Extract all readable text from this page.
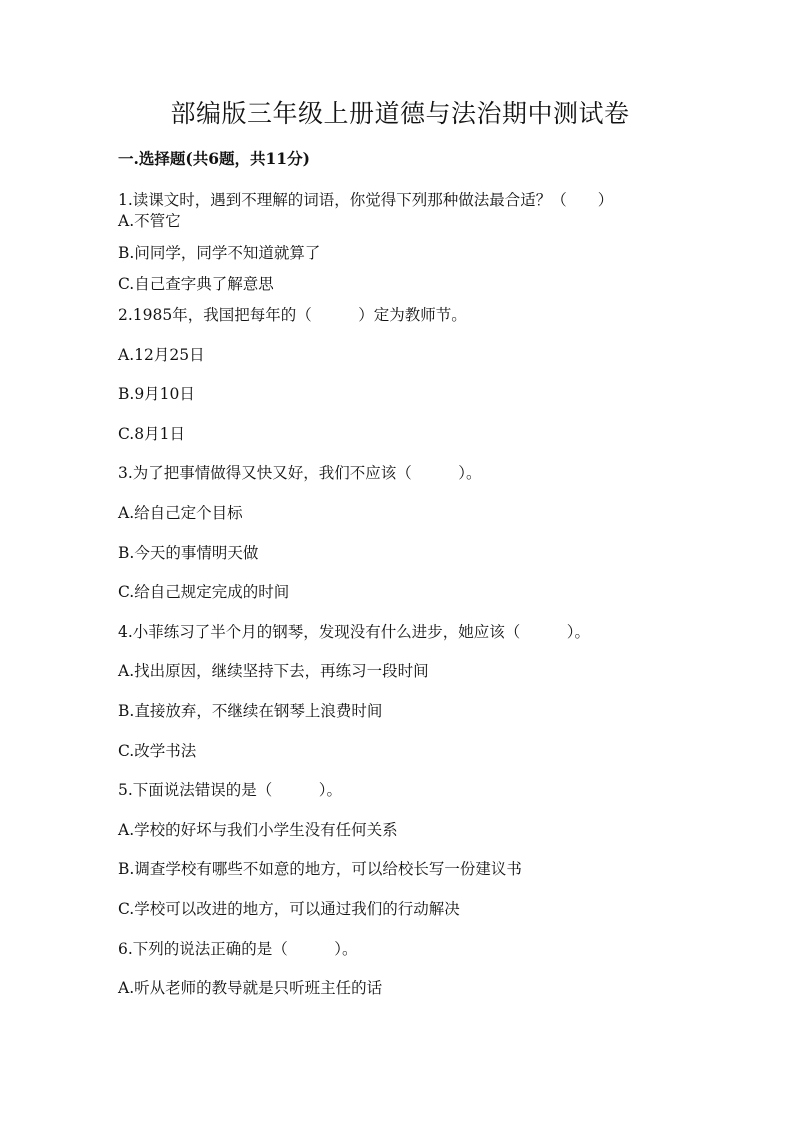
部编版三年级上册道德与法治期中测试卷
一.选择题(共6题，共11分)
1.读课文时，遇到不理解的词语，你觉得下列那种做法最合适？（　　）
A.不管它
B.问同学，同学不知道就算了
C.自己查字典了解意思
2.1985年，我国把每年的（　　　）定为教师节。
A.12月25日
B.9月10日
C.8月1日
3.为了把事情做得又快又好，我们不应该（　　　）。
A.给自己定个目标
B.今天的事情明天做
C.给自己规定完成的时间
4.小菲练习了半个月的钢琴，发现没有什么进步，她应该（　　　）。
A.找出原因，继续坚持下去，再练习一段时间
B.直接放弃，不继续在钢琴上浪费时间
C.改学书法
5.下面说法错误的是（　　　）。
A.学校的好坏与我们小学生没有任何关系
B.调查学校有哪些不如意的地方，可以给校长写一份建议书
C.学校可以改进的地方，可以通过我们的行动解决
6.下列的说法正确的是（　　　）。
A.听从老师的教导就是只听班主任的话
